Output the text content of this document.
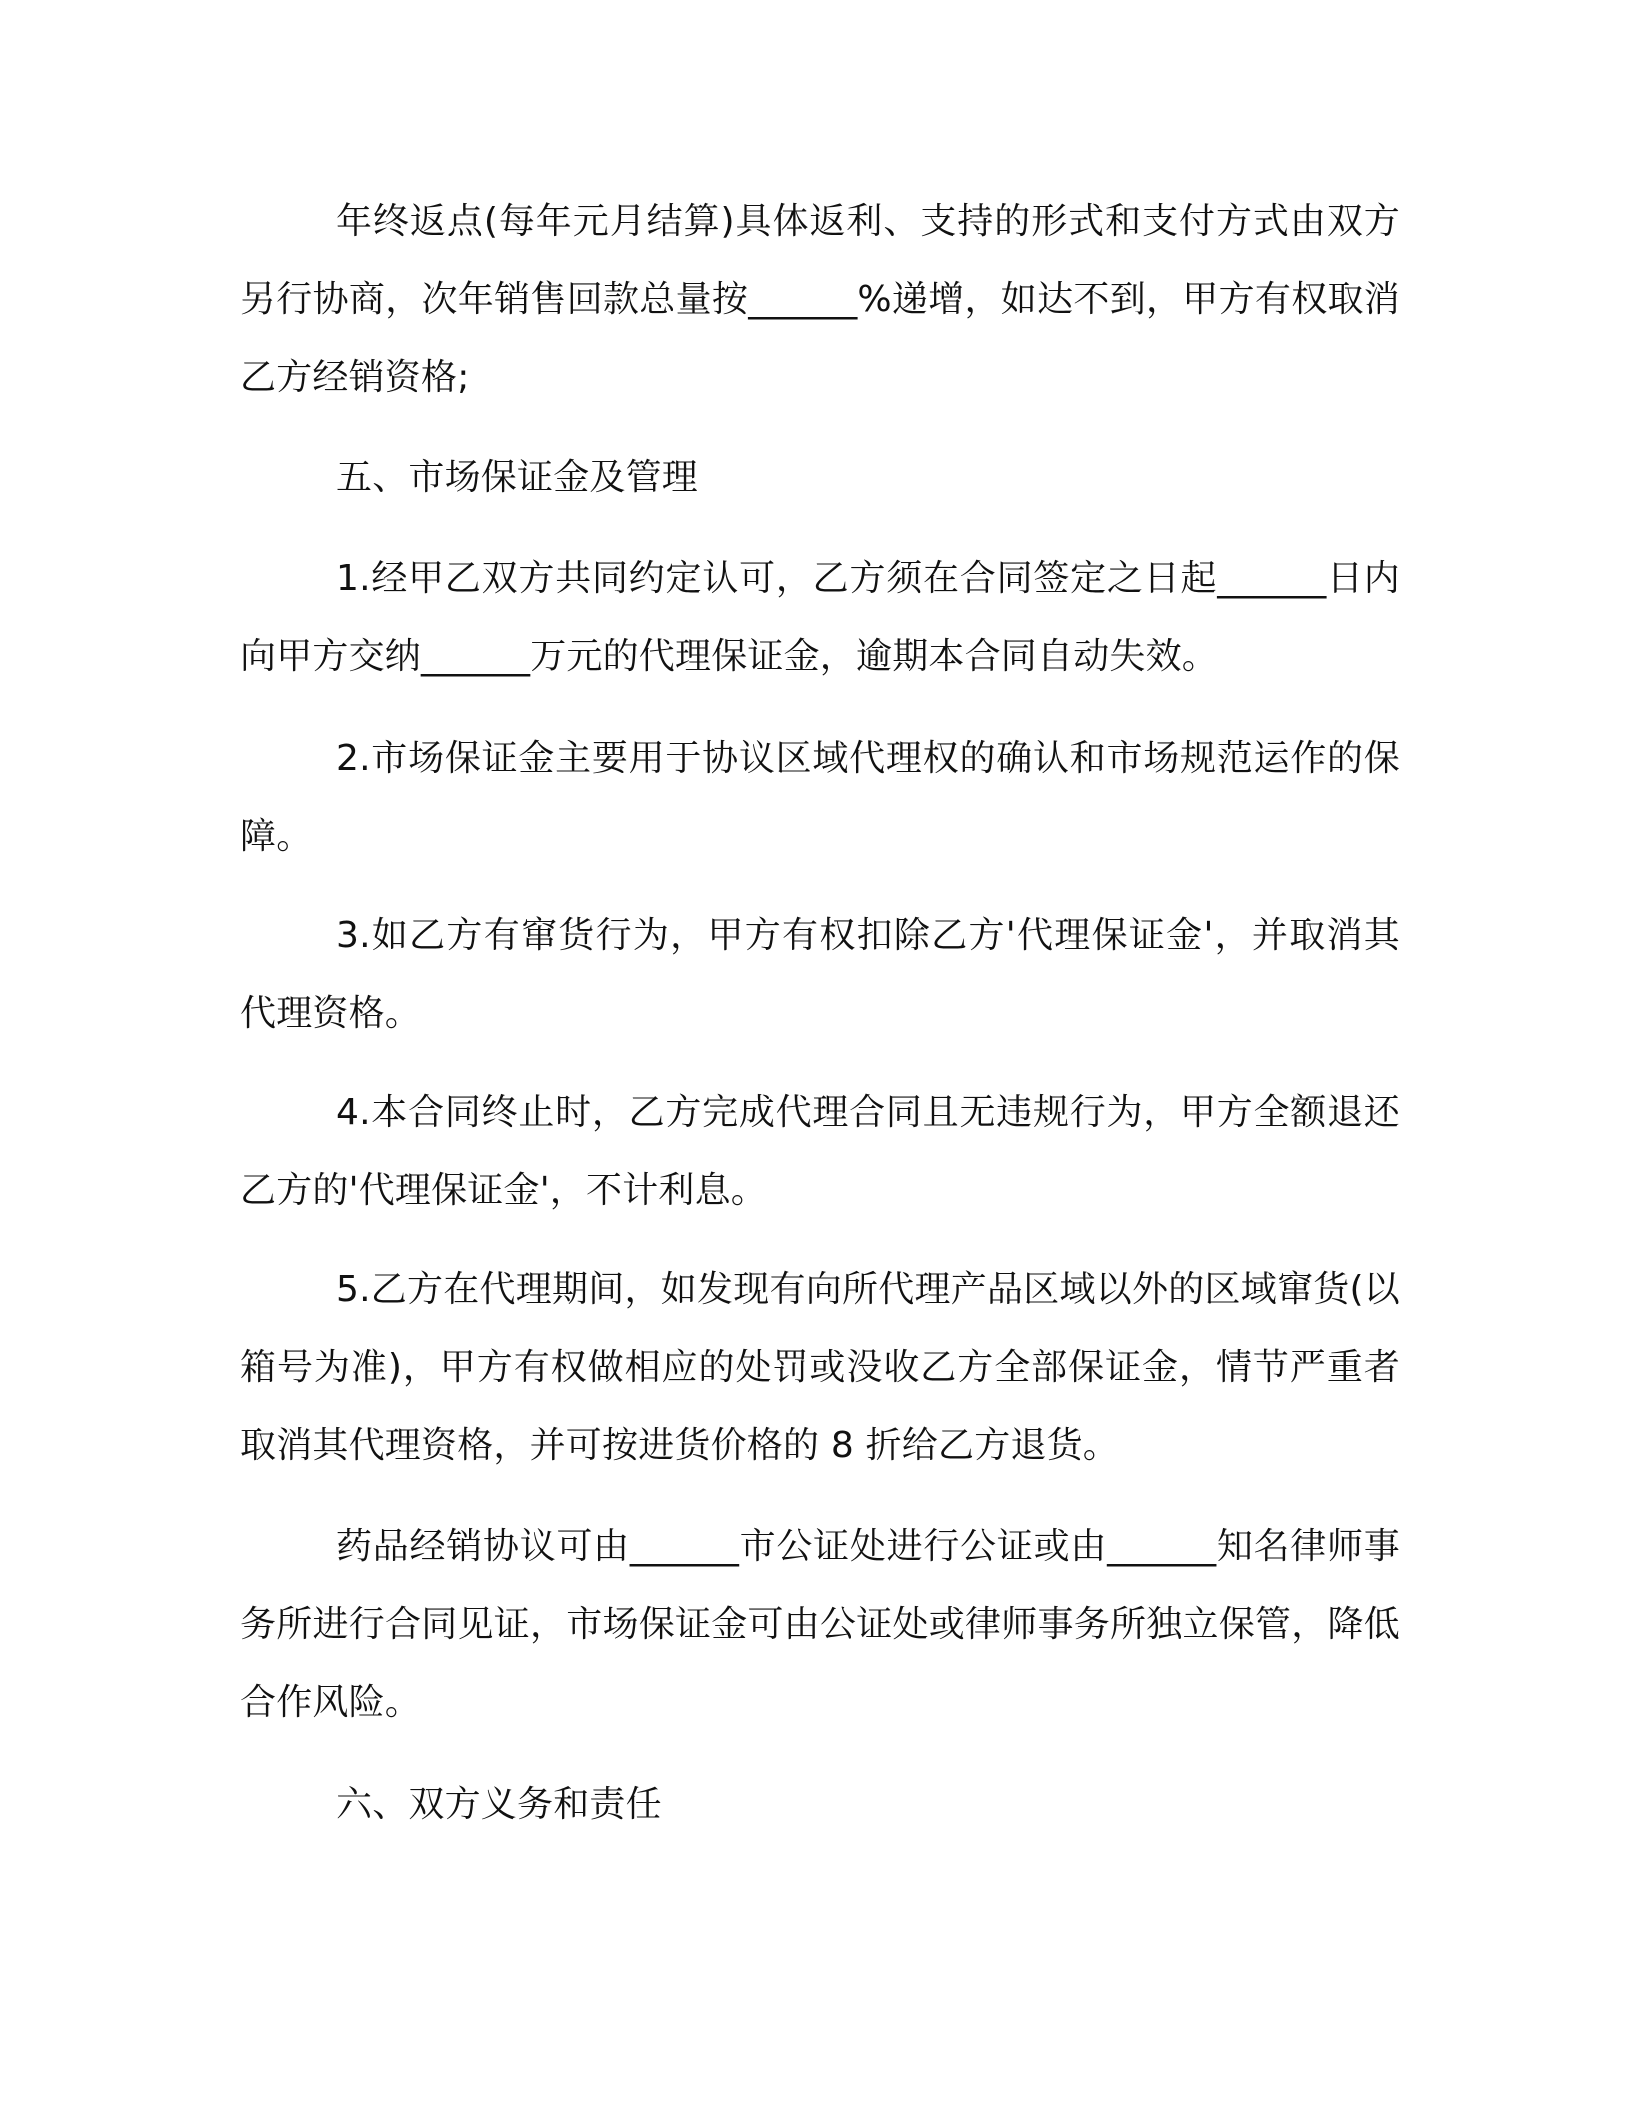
年终返点(每年元月结算)具体返利、支持的形式和支付方式由双方另行协商，次年销售回款总量按______%递增，如达不到，甲方有权取消乙方经销资格;

五、市场保证金及管理

1.经甲乙双方共同约定认可，乙方须在合同签定之日起______日内向甲方交纳______万元的代理保证金，逾期本合同自动失效。

2.市场保证金主要用于协议区域代理权的确认和市场规范运作的保障。

3.如乙方有窜货行为，甲方有权扣除乙方'代理保证金'，并取消其代理资格。

4.本合同终止时，乙方完成代理合同且无违规行为，甲方全额退还乙方的'代理保证金'，不计利息。

5.乙方在代理期间，如发现有向所代理产品区域以外的区域窜货(以箱号为准)，甲方有权做相应的处罚或没收乙方全部保证金，情节严重者取消其代理资格，并可按进货价格的 8 折给乙方退货。

药品经销协议可由______市公证处进行公证或由______知名律师事务所进行合同见证，市场保证金可由公证处或律师事务所独立保管，降低合作风险。

六、双方义务和责任
